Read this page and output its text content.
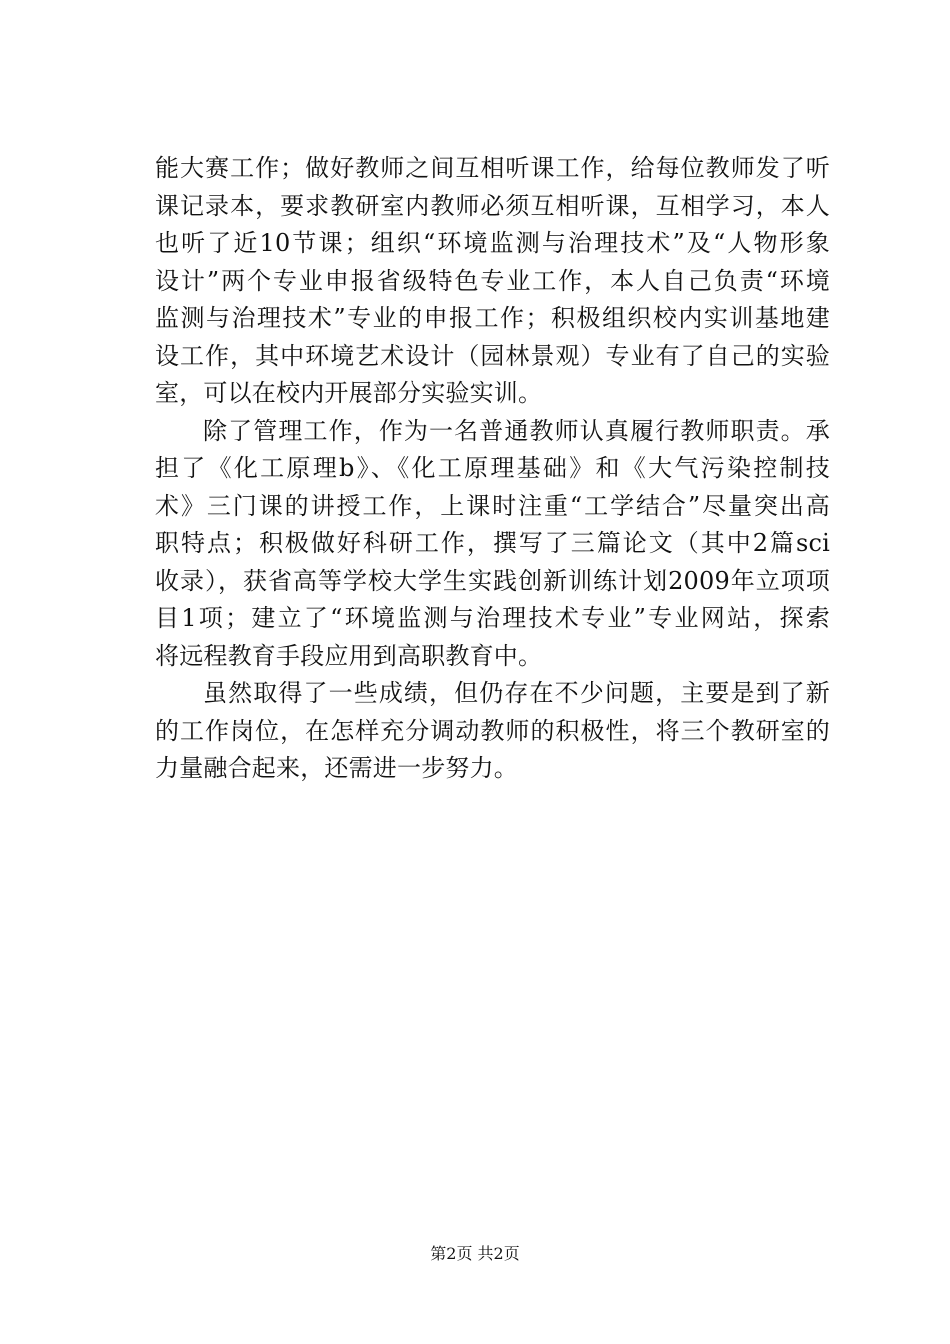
能大赛工作；做好教师之间互相听课工作，给每位教师发了听
课记录本，要求教研室内教师必须互相听课，互相学习，本人
也听了近10节课；组织“环境监测与治理技术”及“人物形象
设计”两个专业申报省级特色专业工作，本人自己负责“环境
监测与治理技术”专业的申报工作；积极组织校内实训基地建
设工作，其中环境艺术设计（园林景观）专业有了自己的实验
室，可以在校内开展部分实验实训。
除了管理工作，作为一名普通教师认真履行教师职责。承
担了《化工原理b》、《化工原理基础》和《大气污染控制技
术》三门课的讲授工作，上课时注重“工学结合”尽量突出高
职特点；积极做好科研工作，撰写了三篇论文（其中2篇sci
收录），获省高等学校大学生实践创新训练计划2009年立项项
目1项；建立了“环境监测与治理技术专业”专业网站，探索
将远程教育手段应用到高职教育中。
虽然取得了一些成绩，但仍存在不少问题，主要是到了新
的工作岗位，在怎样充分调动教师的积极性，将三个教研室的
力量融合起来，还需进一步努力。
第2页 共2页
